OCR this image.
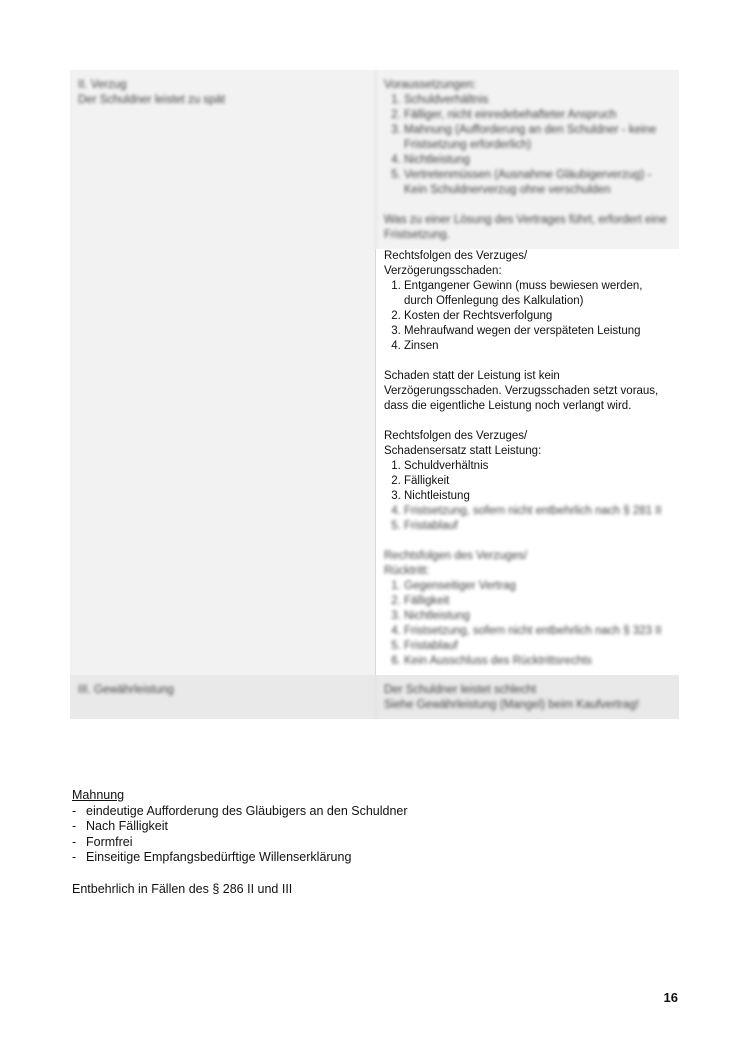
II. Verzug

Der Schuldner leistet zu spät

Voraussetzungen:

1. Schuldverhältnis
2. Fälliger, nicht einredebehafteter Anspruch
3. Mahnung (Aufforderung an den Schuldner - keine Fristsetzung erforderlich)
4. Nichtleistung
5. Vertretenmüssen (Ausnahme Gläubigerverzug) - Kein Schuldnerverzug ohne verschulden

Was zu einer Lösung des Vertrages führt, erfordert eine Fristsetzung.

Rechtsfolgen des Verzuges/

Verzögerungsschaden:

1. Entgangener Gewinn (muss bewiesen werden, durch Offenlegung des Kalkulation)
2. Kosten der Rechtsverfolgung
3. Mehraufwand wegen der verspäteten Leistung
4. Zinsen

Schaden statt der Leistung ist kein Verzögerungsschaden. Verzugsschaden setzt voraus, dass die eigentliche Leistung noch verlangt wird.

Rechtsfolgen des Verzuges/

Schadensersatz statt Leistung:

1. Schuldverhältnis
2. Fälligkeit
3. Nichtleistung
4. Fristsetzung, sofern nicht entbehrlich nach § 281 II
5. Fristablauf

Rechtsfolgen des Verzuges/

Rücktritt:

1. Gegenseitiger Vertrag
2. Fälligkeit
3. Nichtleistung
4. Fristsetzung, sofern nicht entbehrlich nach § 323 II
5. Fristablauf
6. Kein Ausschluss des Rücktrittsrechts

III. Gewährleistung	Der Schuldner leistet schlecht

Siehe Gewährleistung (Mangel) beim Kaufvertrag!

Mahnung

- eindeutige Aufforderung des Gläubigers an den Schuldner
- Nach Fälligkeit
- Formfrei
- Einseitige Empfangsbedürftige Willenserklärung

Entbehrlich in Fällen des § 286 II und III

16
